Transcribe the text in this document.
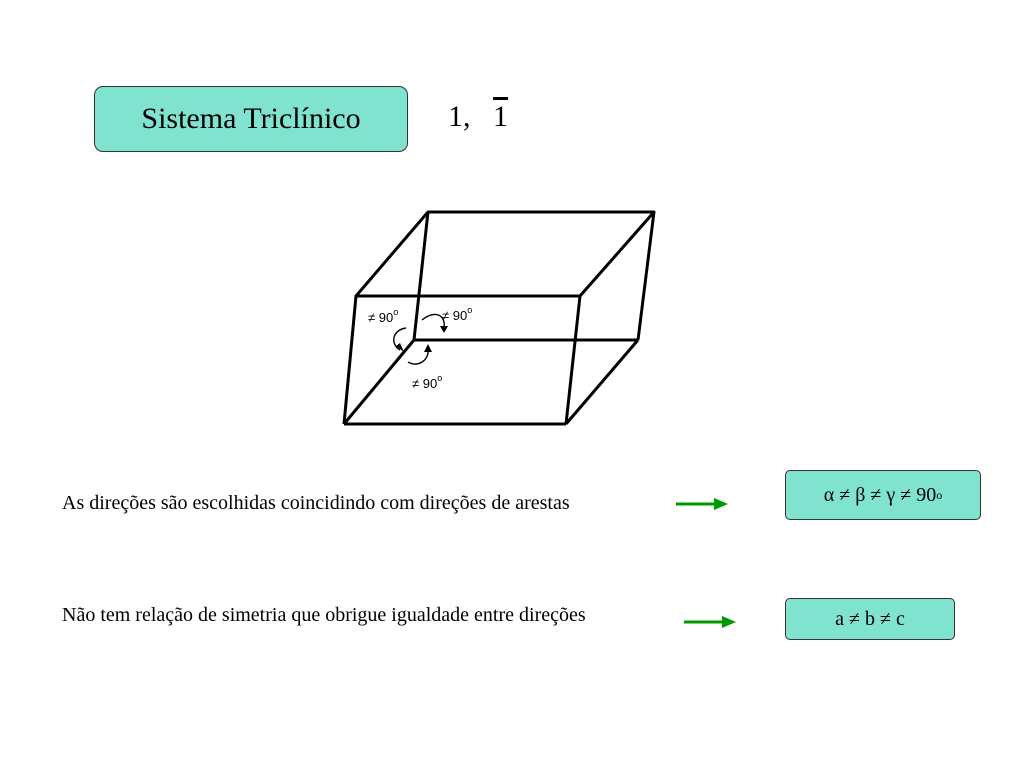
Sistema Triclínico	1,   1
≠ $90^o$	≠ $90^o$
≠ $90^o$
As direções são escolhidas coincidindo com direções de arestas	α ≠ β ≠ γ ≠ 90 o
Não tem relação de simetria que obrigue igualdade entre direções	a ≠ b ≠ c
